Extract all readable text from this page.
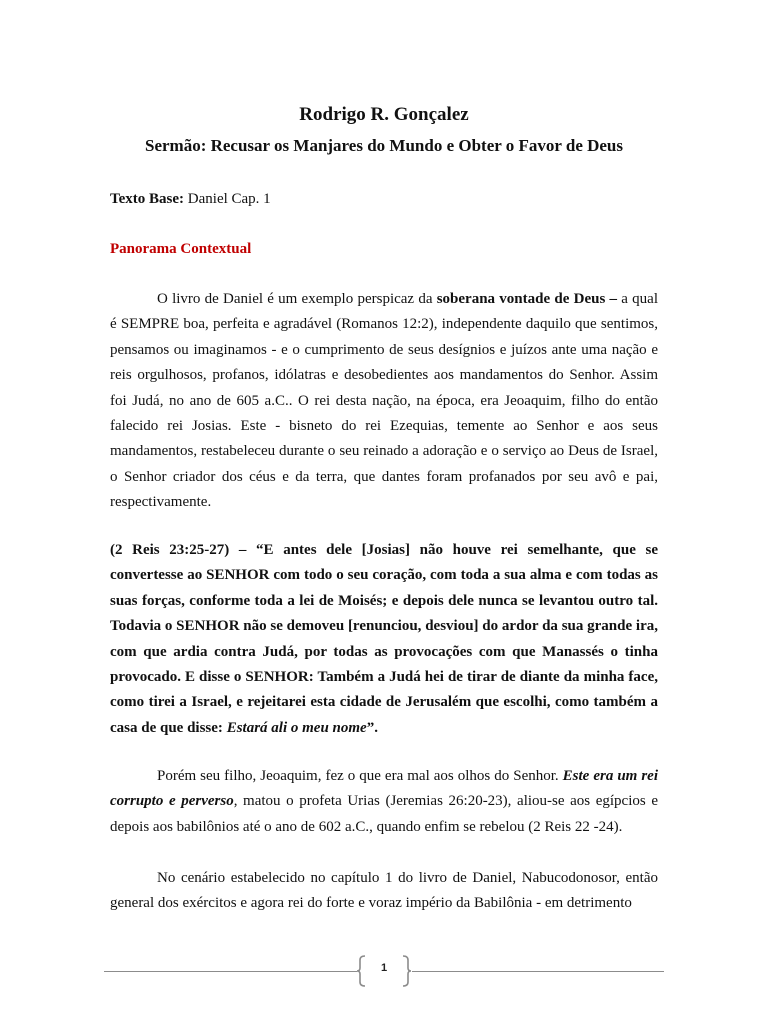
Rodrigo R. Gonçalez
Sermão: Recusar os Manjares do Mundo e Obter o Favor de Deus
Texto Base: Daniel Cap. 1
Panorama Contextual

O livro de Daniel é um exemplo perspicaz da soberana vontade de Deus – a qual é SEMPRE boa, perfeita e agradável (Romanos 12:2), independente daquilo que sentimos, pensamos ou imaginamos - e o cumprimento de seus desígnios e juízos ante uma nação e reis orgulhosos, profanos, idólatras e desobedientes aos mandamentos do Senhor. Assim foi Judá, no ano de 605 a.C.. O rei desta nação, na época, era Jeoaquim, filho do então falecido rei Josias. Este - bisneto do rei Ezequias, temente ao Senhor e aos seus mandamentos, restabeleceu durante o seu reinado a adoração e o serviço ao Deus de Israel, o Senhor criador dos céus e da terra, que dantes foram profanados por seu avô e pai, respectivamente.

(2 Reis 23:25-27) – “E antes dele [Josias] não houve rei semelhante, que se convertesse ao SENHOR com todo o seu coração, com toda a sua alma e com todas as suas forças, conforme toda a lei de Moisés; e depois dele nunca se levantou outro tal. Todavia o SENHOR não se demoveu [renunciou, desviou] do ardor da sua grande ira, com que ardia contra Judá, por todas as provocações com que Manassés o tinha provocado. E disse o SENHOR: Também a Judá hei de tirar de diante da minha face, como tirei a Israel, e rejeitarei esta cidade de Jerusalém que escolhi, como também a casa de que disse: Estará ali o meu nome”.

Porém seu filho, Jeoaquim, fez o que era mal aos olhos do Senhor. Este era um rei corrupto e perverso, matou o profeta Urias (Jeremias 26:20-23), aliou-se aos egípcios e depois aos babilônios até o ano de 602 a.C., quando enfim se rebelou (2 Reis 22 -24).

No cenário estabelecido no capítulo 1 do livro de Daniel, Nabucodonosor, então general dos exércitos e agora rei do forte e voraz império da Babilônia - em detrimento

1
